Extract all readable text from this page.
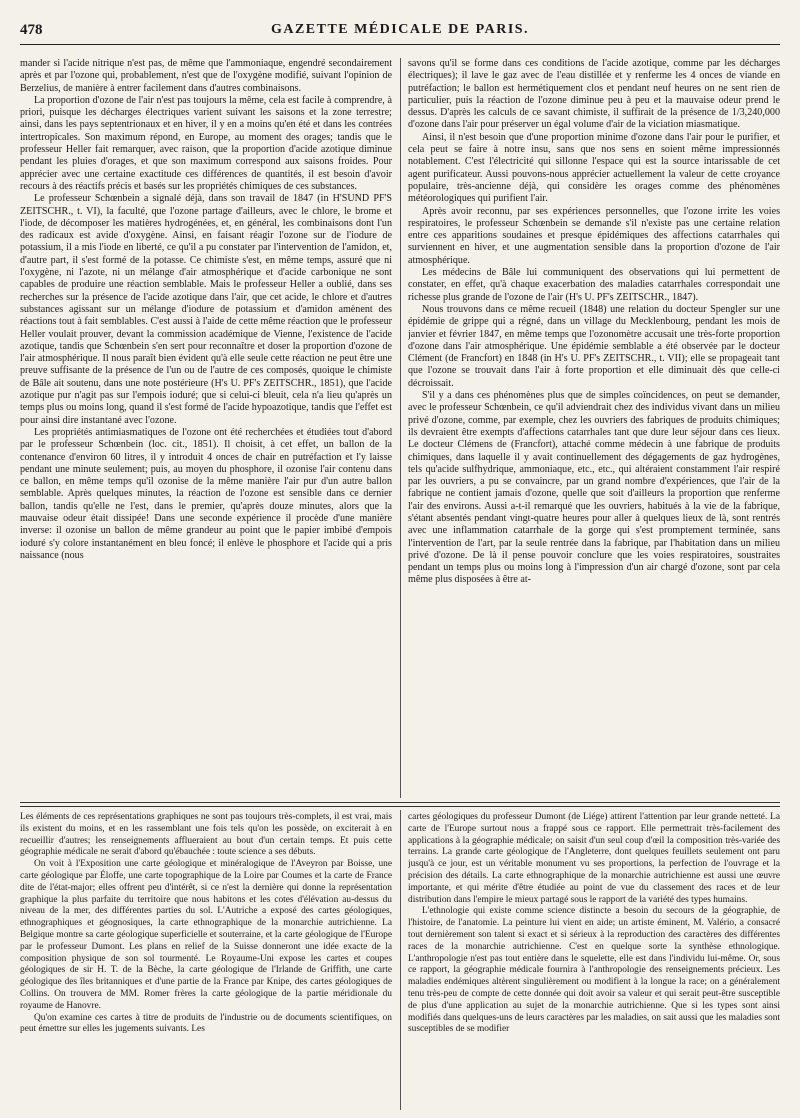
478	GAZETTE MÉDICALE DE PARIS.

mander si l'acide nitrique n'est pas, de même que l'ammoniaque, engendré secondairement après et par l'ozone qui, probablement, n'est que de l'oxygène modifié, suivant l'opinion de Berzelius, de manière à entrer facilement dans d'autres combinaisons.

La proportion d'ozone de l'air n'est pas toujours la même, cela est facile à comprendre, à priori, puisque les décharges électriques varient suivant les saisons et la zone terrestre; ainsi, dans les pays septentrionaux et en hiver, il y en a moins qu'en été et dans les contrées intertropicales. Son maximum répond, en Europe, au moment des orages; tandis que le professeur Heller fait remarquer, avec raison, que la proportion d'acide azotique diminue pendant les pluies d'orages, et que son maximum correspond aux saisons froides. Pour apprécier avec une certaine exactitude ces différences de quantités, il est besoin d'avoir recours à des réactifs précis et basés sur les propriétés chimiques de ces substances.

Le professeur Schœnbein a signalé déjà, dans son travail de 1847 (in H'SUND PF'S ZEITSCHR., t. VI), la faculté, que l'ozone partage d'ailleurs, avec le chlore, le brome et l'iode, de décomposer les matières hydrogénées, et, en général, les combinaisons dont l'un des radicaux est avide d'oxygène. Ainsi, en faisant réagir l'ozone sur de l'iodure de potassium, il a mis l'iode en liberté, ce qu'il a pu constater par l'intervention de l'amidon, et, d'autre part, il s'est formé de la potasse. Ce chimiste s'est, en même temps, assuré que ni l'oxygène, ni l'azote, ni un mélange d'air atmosphérique et d'acide carbonique ne sont capables de produire une réaction semblable. Mais le professeur Heller a oublié, dans ses recherches sur la présence de l'acide azotique dans l'air, que cet acide, le chlore et d'autres substances agissant sur un mélange d'iodure de potassium et d'amidon amènent des réactions tout à fait semblables. C'est aussi à l'aide de cette même réaction que le professeur Heller voulait prouver, devant la commission académique de Vienne, l'existence de l'acide azotique, tandis que Schœnbein s'en sert pour reconnaître et doser la proportion d'ozone de l'air atmosphérique. Il nous paraît bien évident qu'à elle seule cette réaction ne peut être une preuve suffisante de la présence de l'un ou de l'autre de ces composés, quoique le chimiste de Bâle ait soutenu, dans une note postérieure (H's U. PF's ZEITSCHR., 1851), que l'acide azotique pur n'agit pas sur l'empois ioduré; que si celui-ci bleuit, cela n'a lieu qu'après un temps plus ou moins long, quand il s'est formé de l'acide hypoazotique, tandis que l'effet est pour ainsi dire instantané avec l'ozone.

Les propriétés antimiasmatiques de l'ozone ont été recherchées et étudiées tout d'abord par le professeur Schœnbein (loc. cit., 1851). Il choisit, à cet effet, un ballon de la contenance d'environ 60 litres, il y introduit 4 onces de chair en putréfaction et l'y laisse pendant une minute seulement; puis, au moyen du phosphore, il ozonise l'air contenu dans ce ballon, en même temps qu'il ozonise de la même manière l'air pur d'un autre ballon semblable. Après quelques minutes, la réaction de l'ozone est sensible dans ce dernier ballon, tandis qu'elle ne l'est, dans le premier, qu'après douze minutes, alors que la mauvaise odeur était dissipée! Dans une seconde expérience il procède d'une manière inverse: il ozonise un ballon de même grandeur au point que le papier imbibé d'empois ioduré s'y colore instantanément en bleu foncé; il enlève le phosphore et l'acide qui a pris naissance (nous

savons qu'il se forme dans ces conditions de l'acide azotique, comme par les décharges électriques); il lave le gaz avec de l'eau distillée et y renferme les 4 onces de viande en putréfaction; le ballon est hermétiquement clos et pendant neuf heures on ne sent rien de particulier, puis la réaction de l'ozone diminue peu à peu et la mauvaise odeur prend le dessus. D'après les calculs de ce savant chimiste, il suffirait de la présence de 1/3,240,000 d'ozone dans l'air pour préserver un égal volume d'air de la viciation miasmatique.

Ainsi, il n'est besoin que d'une proportion minime d'ozone dans l'air pour le purifier, et cela peut se faire à notre insu, sans que nos sens en soient même impressionnés notablement. C'est l'électricité qui sillonne l'espace qui est la source intarissable de cet agent purificateur. Aussi pouvons-nous apprécier actuellement la valeur de cette croyance populaire, très-ancienne déjà, qui considère les orages comme des phénomènes météorologiques qui purifient l'air.

Après avoir reconnu, par ses expériences personnelles, que l'ozone irrite les voies respiratoires, le professeur Schœnbein se demande s'il n'existe pas une certaine relation entre ces apparitions soudaines et presque épidémiques des affections catarrhales qui surviennent en hiver, et une augmentation sensible dans la proportion d'ozone de l'air atmosphérique.

Les médecins de Bâle lui communiquent des observations qui lui permettent de constater, en effet, qu'à chaque exacerbation des maladies catarrhales correspondait une richesse plus grande de l'ozone de l'air (H's U. PF's ZEITSCHR., 1847).

Nous trouvons dans ce même recueil (1848) une relation du docteur Spengler sur une épidémie de grippe qui a régné, dans un village du Mecklenbourg, pendant les mois de janvier et février 1847, en même temps que l'ozonomètre accusait une très-forte proportion d'ozone dans l'air atmosphérique. Une épidémie semblable a été observée par le docteur Clément (de Francfort) en 1848 (in H's U. PF's ZEITSCHR., t. VII); elle se propageait tant que l'ozone se trouvait dans l'air à forte proportion et elle diminuait dès que celle-ci décroissait.

S'il y a dans ces phénomènes plus que de simples coïncidences, on peut se demander, avec le professeur Schœnbein, ce qu'il adviendrait chez des individus vivant dans un milieu privé d'ozone, comme, par exemple, chez les ouvriers des fabriques de produits chimiques; ils devraient être exempts d'affections catarrhales tant que dure leur séjour dans ces lieux. Le docteur Clémens de (Francfort), attaché comme médecin à une fabrique de produits chimiques, dans laquelle il y avait continuellement des dégagements de gaz hydrogènes, tels qu'acide sulfhydrique, ammoniaque, etc., etc., qui altéraient constamment l'air respiré par les ouvriers, a pu se convaincre, par un grand nombre d'expériences, que l'air de la fabrique ne contient jamais d'ozone, quelle que soit d'ailleurs la proportion que renferme l'air des environs. Aussi a-t-il remarqué que les ouvriers, habitués à la vie de la fabrique, s'étant absentés pendant vingt-quatre heures pour aller à quelques lieux de là, sont rentrés avec une inflammation catarrhale de la gorge qui s'est promptement terminée, sans l'intervention de l'art, par la seule rentrée dans la fabrique, par l'habitation dans un milieu privé d'ozone. De là il pense pouvoir conclure que les voies respiratoires, soustraites pendant un temps plus ou moins long à l'impression d'un air chargé d'ozone, sont par cela même plus disposées à être at-

Les éléments de ces représentations graphiques ne sont pas toujours très-complets, il est vrai, mais ils existent du moins, et en les rassemblant une fois tels qu'on les possède, on exciterait à en recueillir d'autres; les renseignements afflueraient au bout d'un certain temps. Et puis cette géographie médicale ne serait d'abord qu'ébauchée : toute science a ses débuts.

On voit à l'Exposition une carte géologique et minéralogique de l'Aveyron par Boisse, une carte géologique par Éloffe, une carte topographique de la Loire par Coumes et la carte de France dite de l'état-major; elles offrent peu d'intérêt, si ce n'est la dernière qui donne la représentation graphique la plus parfaite du territoire que nous habitons et les cotes d'élévation au-dessus du niveau de la mer, des différentes parties du sol. L'Autriche a exposé des cartes géologiques, ethnographiques et géognosiques, la carte ethnographique de la monarchie autrichienne. La Belgique montre sa carte géologique superficielle et souterraine, et la carte géologique de l'Europe par le professeur Dumont. Les plans en relief de la Suisse donneront une idée exacte de la composition physique de son sol tourmenté. Le Royaume-Uni expose les cartes et coupes géologiques de sir H. T. de la Bèche, la carte géologique de l'Irlande de Griffith, une carte géologique des îles britanniques et d'une partie de la France par Knipe, des cartes géologiques de Collins. On trouvera de MM. Romer frères la carte géologique de la partie méridionale du royaume de Hanovre.

Qu'on examine ces cartes à titre de produits de l'industrie ou de documents scientifiques, on peut émettre sur elles les jugements suivants. Les

cartes géologiques du professeur Dumont (de Liége) attirent l'attention par leur grande netteté. La carte de l'Europe surtout nous a frappé sous ce rapport. Elle permettrait très-facilement des applications à la géographie médicale; on saisit d'un seul coup d'œil la composition très-variée des terrains. La grande carte géologique de l'Angleterre, dont quelques feuillets seulement ont paru jusqu'à ce jour, est un véritable monument vu ses proportions, la perfection de l'ouvrage et la précision des détails. La carte ethnographique de la monarchie autrichienne est aussi une œuvre importante, et qui mérite d'être étudiée au point de vue du classement des races et de leur distribution dans l'empire le mieux partagé sous le rapport de la variété des types humains.

L'ethnologie qui existe comme science distincte a besoin du secours de la géographie, de l'histoire, de l'anatomie. La peinture lui vient en aide; un artiste éminent, M. Valério, a consacré tout dernièrement son talent si exact et si sérieux à la reproduction des caractères des différentes races de la monarchie autrichienne. C'est en quelque sorte la synthèse ethnologique. L'anthropologie n'est pas tout entière dans le squelette, elle est dans l'individu lui-même. Or, sous ce rapport, la géographie médicale fournira à l'anthropologie des renseignements précieux. Les maladies endémiques altèrent singulièrement ou modifient à la longue la race; on a généralement tenu très-peu de compte de cette donnée qui doit avoir sa valeur et qui serait peut-être susceptible de plus d'une application au sujet de la monarchie autrichienne. Que si les types sont ainsi modifiés dans quelques-uns de leurs caractères par les maladies, on sait aussi que les maladies sont susceptibles de se modifier
